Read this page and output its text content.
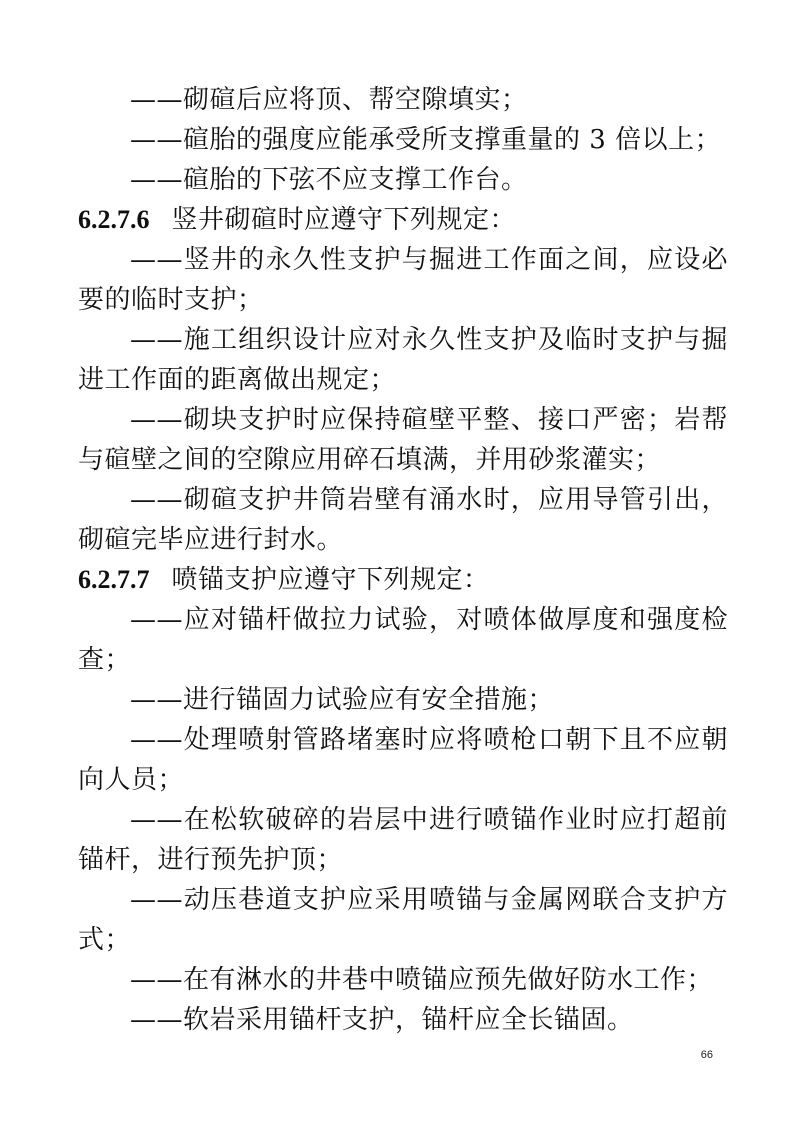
——砌碹后应将顶、帮空隙填实；
——碹胎的强度应能承受所支撑重量的 3 倍以上；
——碹胎的下弦不应支撑工作台。
6.2.7.6 竖井砌碹时应遵守下列规定：
——竖井的永久性支护与掘进工作面之间，应设必
要的临时支护；
——施工组织设计应对永久性支护及临时支护与掘
进工作面的距离做出规定；
——砌块支护时应保持碹壁平整、接口严密；岩帮
与碹壁之间的空隙应用碎石填满，并用砂浆灌实；
——砌碹支护井筒岩壁有涌水时，应用导管引出，
砌碹完毕应进行封水。
6.2.7.7 喷锚支护应遵守下列规定：
——应对锚杆做拉力试验，对喷体做厚度和强度检
查；
——进行锚固力试验应有安全措施；
——处理喷射管路堵塞时应将喷枪口朝下且不应朝
向人员；
——在松软破碎的岩层中进行喷锚作业时应打超前
锚杆，进行预先护顶；
——动压巷道支护应采用喷锚与金属网联合支护方
式；
——在有淋水的井巷中喷锚应预先做好防水工作；
——软岩采用锚杆支护，锚杆应全长锚固。
66
